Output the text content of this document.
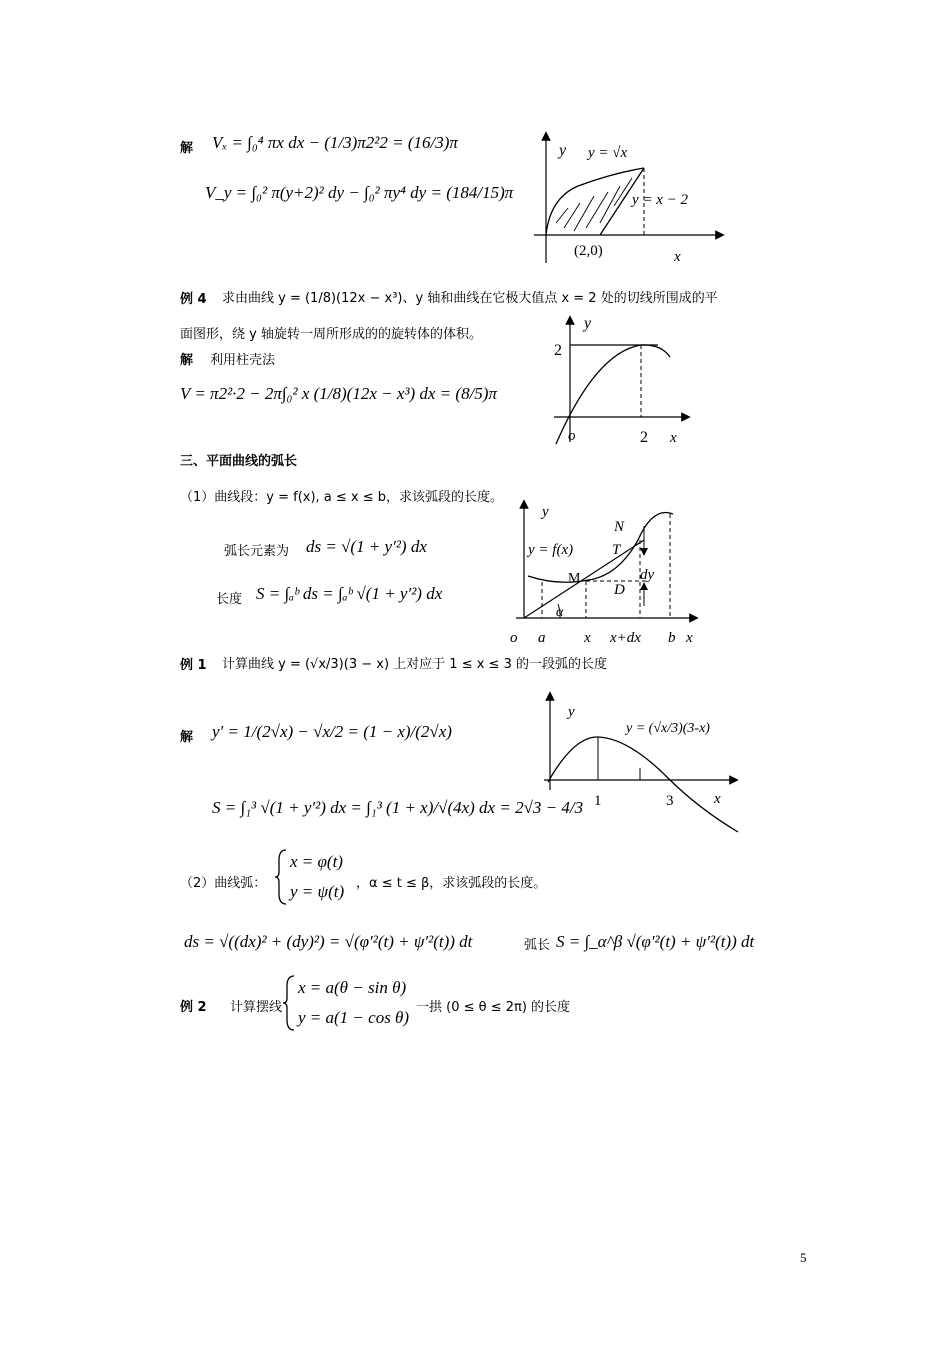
解 Vₓ = ∫₀⁴ πx dx − (1/3)π2²2 = (16/3)π
V_y = ∫₀² π(y+2)² dy − ∫₀² πy⁴ dy = (184/15)π
y y = √x
y = x − 2
(2,0)	x
例 4 求由曲线 y = (1/8)(12x − x³)、y 轴和曲线在它极大值点 x = 2 处的切线所围成的平
面图形，绕 y 轴旋转一周所形成的的旋转体的体积。
解 利用柱壳法
V = π2²·2 − 2π∫₀² x (1/8)(12x − x³) dx = (8/5)π
y
2
o	2 x
三、平面曲线的弧长
（1）曲线段：y = f(x), a ≤ x ≤ b，求该弧段的长度。
弧长元素为 ds = √(1 + y′²) dx
长度 S = ∫ₐᵇ ds = ∫ₐᵇ √(1 + y′²) dx
y
y = f(x)
N
T
M
D
dy
α
o a	x x+dx b x
例 1 计算曲线 y = (√x/3)(3 − x) 上对应于 1 ≤ x ≤ 3 的一段弧的长度
解 y′ = 1/(2√x) − √x/2 = (1 − x)/(2√x)
S = ∫₁³ √(1 + y′²) dx = ∫₁³ (1 + x)/√(4x) dx = 2√3 − 4/3
y
y = (√x/3)(3-x)
1	3	x
（2）曲线弧：
x = φ(t)
y = ψ(t) ，α ≤ t ≤ β，求该弧段的长度。
ds = √((dx)² + (dy)²) = √(φ′²(t) + ψ′²(t)) dt	弧长 S = ∫_α^β √(φ′²(t) + ψ′²(t)) dt
例 2 计算摆线
x = a(θ − sin θ)
y = a(1 − cos θ)
一拱 (0 ≤ θ ≤ 2π) 的长度
5
